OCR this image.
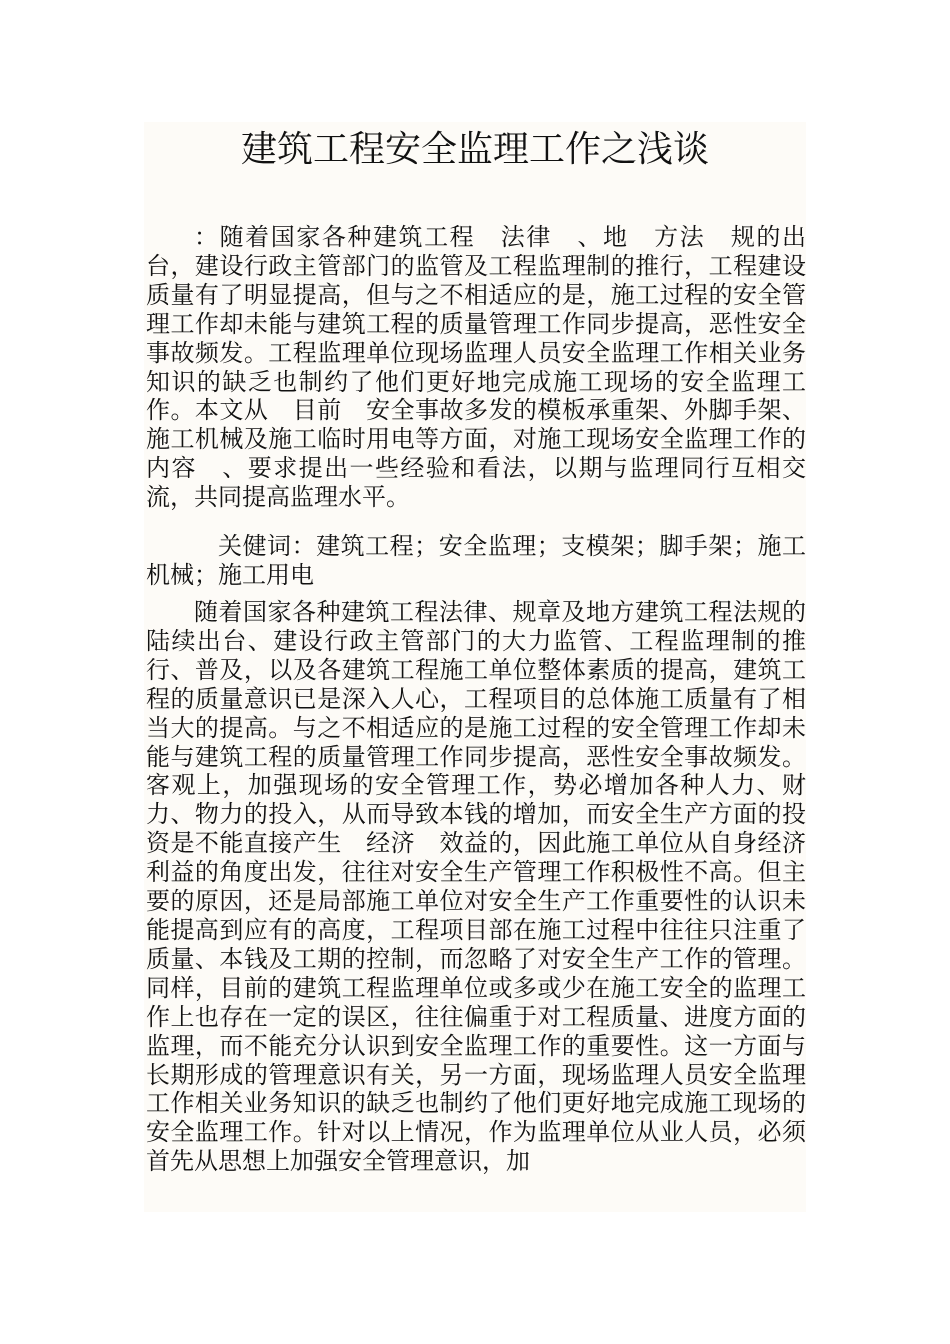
建筑工程安全监理工作之浅谈

：随着国家各种建筑工程　法律　、地　方法　规的出台，建设行政主管部门的监管及工程监理制的推行，工程建设质量有了明显提高，但与之不相适应的是，施工过程的安全管理工作却未能与建筑工程的质量管理工作同步提高，恶性安全事故频发。工程监理单位现场监理人员安全监理工作相关业务知识的缺乏也制约了他们更好地完成施工现场的安全监理工作。本文从　目前　安全事故多发的模板承重架、外脚手架、施工机械及施工临时用电等方面，对施工现场安全监理工作的　内容　、要求提出一些经验和看法，以期与监理同行互相交流，共同提高监理水平。

关健词：建筑工程；安全监理；支模架；脚手架；施工机械；施工用电

随着国家各种建筑工程法律、规章及地方建筑工程法规的陆续出台、建设行政主管部门的大力监管、工程监理制的推行、普及，以及各建筑工程施工单位整体素质的提高，建筑工程的质量意识已是深入人心，工程项目的总体施工质量有了相当大的提高。与之不相适应的是施工过程的安全管理工作却未能与建筑工程的质量管理工作同步提高，恶性安全事故频发。客观上，加强现场的安全管理工作，势必增加各种人力、财力、物力的投入，从而导致本钱的增加，而安全生产方面的投资是不能直接产生　经济　效益的，因此施工单位从自身经济利益的角度出发，往往对安全生产管理工作积极性不高。但主要的原因，还是局部施工单位对安全生产工作重要性的认识未能提高到应有的高度，工程项目部在施工过程中往往只注重了质量、本钱及工期的控制，而忽略了对安全生产工作的管理。同样，目前的建筑工程监理单位或多或少在施工安全的监理工作上也存在一定的误区，往往偏重于对工程质量、进度方面的监理，而不能充分认识到安全监理工作的重要性。这一方面与长期形成的管理意识有关，另一方面，现场监理人员安全监理工作相关业务知识的缺乏也制约了他们更好地完成施工现场的安全监理工作。针对以上情况，作为监理单位从业人员，必须首先从思想上加强安全管理意识，加
